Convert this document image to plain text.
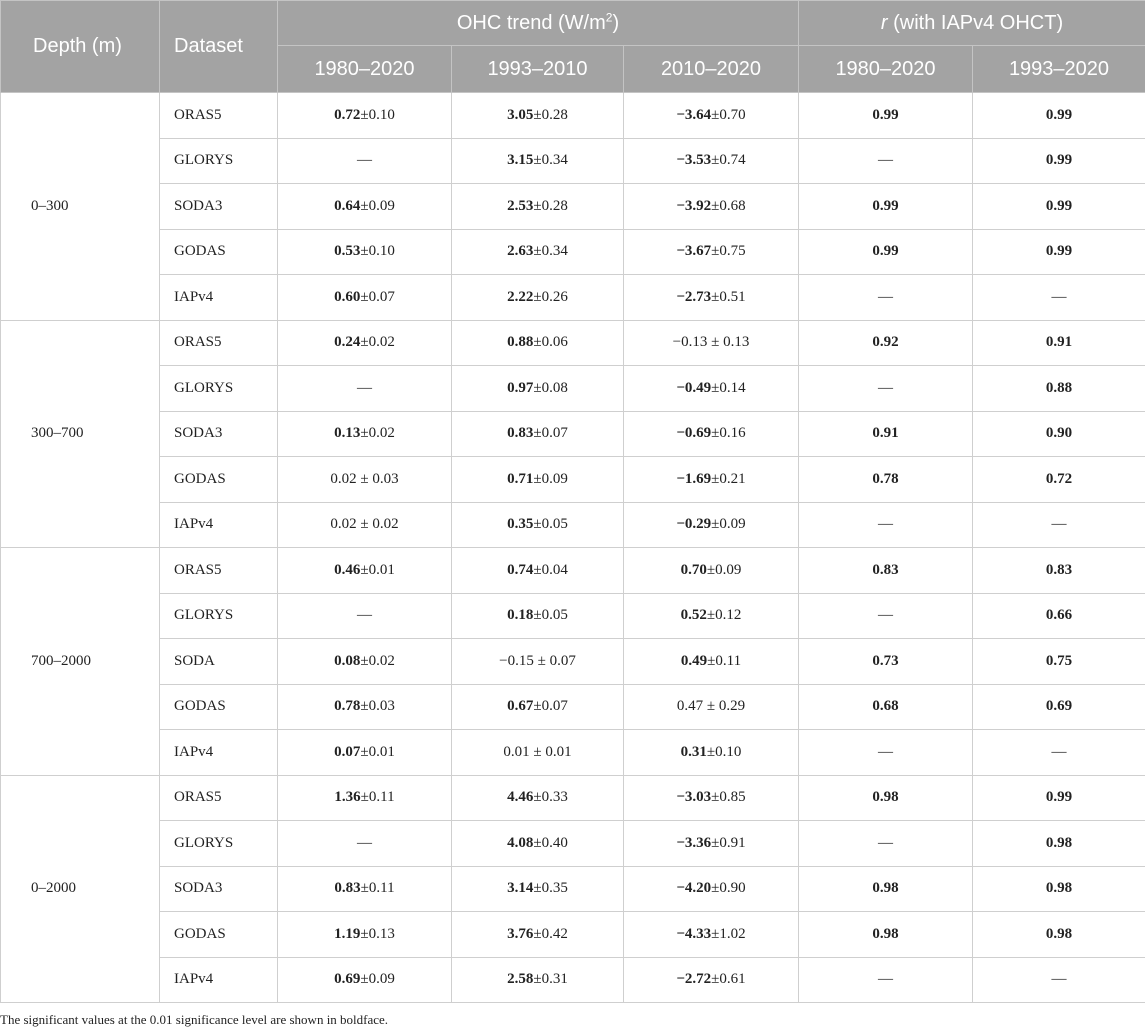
Depth (m)	Dataset	OHC trend $(W/m^2)$			r (with IAPv4 OHCT)	
		1980–2020	1993–2010	2010–2020	1980–2020	1993–2020
0–300	ORAS5	0.72±0.10	3.05±0.28	−3.64±0.70	0.99	0.99
	GLORYS	—	3.15±0.34	−3.53±0.74	—	0.99
	SODA3	0.64±0.09	2.53±0.28	−3.92±0.68	0.99	0.99
	GODAS	0.53±0.10	2.63±0.34	−3.67±0.75	0.99	0.99
	IAPv4	0.60±0.07	2.22±0.26	−2.73±0.51	—	—
300–700	ORAS5	0.24±0.02	0.88±0.06	−0.13 ± 0.13	0.92	0.91
	GLORYS	—	0.97±0.08	−0.49±0.14	—	0.88
	SODA3	0.13±0.02	0.83±0.07	−0.69±0.16	0.91	0.90
	GODAS	0.02 ± 0.03	0.71±0.09	−1.69±0.21	0.78	0.72
	IAPv4	0.02 ± 0.02	0.35±0.05	−0.29±0.09	—	—
700–2000	ORAS5	0.46±0.01	0.74±0.04	0.70±0.09	0.83	0.83
	GLORYS	—	0.18±0.05	0.52±0.12	—	0.66
	SODA	0.08±0.02	−0.15 ± 0.07	0.49±0.11	0.73	0.75
	GODAS	0.78±0.03	0.67±0.07	0.47 ± 0.29	0.68	0.69
	IAPv4	0.07±0.01	0.01 ± 0.01	0.31±0.10	—	—
0–2000	ORAS5	1.36±0.11	4.46±0.33	−3.03±0.85	0.98	0.99
	GLORYS	—	4.08±0.40	−3.36±0.91	—	0.98
	SODA3	0.83±0.11	3.14±0.35	−4.20±0.90	0.98	0.98
	GODAS	1.19±0.13	3.76±0.42	−4.33±1.02	0.98	0.98
	IAPv4	0.69±0.09	2.58±0.31	−2.72±0.61	—	—
The significant values at the 0.01 significance level are shown in boldface.
